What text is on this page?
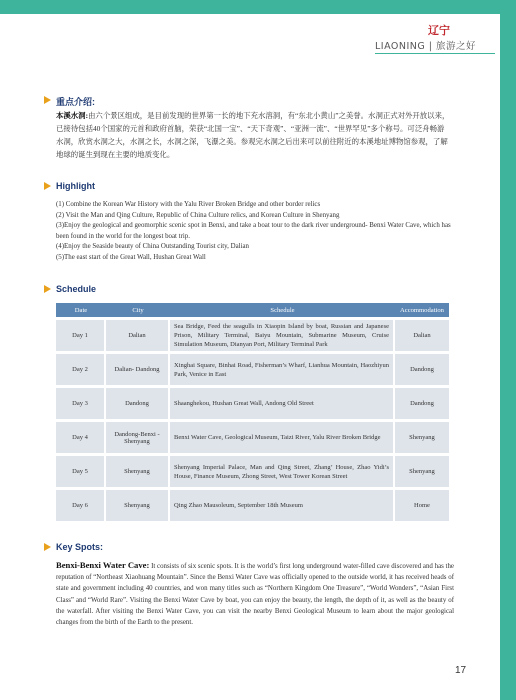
辽宁
LIAONING | 旅游之好
重点介绍:
本溪水洞:由六个景区组成，是目前发现的世界第一长的地下充水溶洞，有“东北小黄山”之美誉。水洞正式对外开放以来，已接待包括40个国家的元首和政府首脑，荣获“北国一宝”、“天下奇观”、“亚洲一流”、“世界罕见”多个称号。可泛舟畅游水洞，欣赏水洞之大，水洞之长，水洞之深，飞瀑之美。参观完水洞之后出来可以前往附近的本溪地址博物馆参观，了解地球的诞生到现在主要的地质变化。
Highlight
(1) Combine the Korean War History with the Yalu River Broken Bridge and other border relics
(2) Visit the Man and Qing Culture, Republic of China Culture relics, and Korean Culture in Shenyang
(3)Enjoy the geological and geomorphic scenic spot in Benxi, and take a boat tour to the dark river underground- Benxi Water Cave, which has been found in the world for the longest boat trip.
(4)Enjoy the Seaside beauty of China Outstanding Tourist city, Dalian
(5)The east start of the Great Wall, Hushan Great Wall
Schedule
Date	City	Schedule	Accommodation
Day 1	Dalian	Sea Bridge, Feed the seagulls in Xiaopin Island by boat, Russian and Japanese Prison, Military Terminal, Baiyu Mountain, Submarine Museum, Cruise Simulation Museum, Dianyan Port, Military Terminal Park	Dalian
Day 2	Dalian- Dandong	Xinghai Square, Binhai Road, Fisherman’s Wharf, Lianhua Mountain, Haozhiyun Park, Venice in East	Dandong
Day 3	Dandong	Shaanghekou, Hushan Great Wall, Andong Old Street	Dandong
Day 4	Dandong-Benxi - Shenyang	Benxi Water Cave, Geological Museum, Taizi River, Yalu River Broken Bridge	Shenyang
Day 5	Shenyang	Shenyang Imperial Palace, Man and Qing Street, Zhang’ House, Zhao Yidi’s House, Finance Museum, Zhong Street, West Tower Korean Street	Shenyang
Day 6	Shenyang	Qing Zhao Mausoleum, September 18th Museum	Home
Key Spots:
Benxi-Benxi Water Cave: It consists of six scenic spots. It is the world’s first long underground water-filled cave discovered and has the reputation of “Northeast Xiaohuang Mountain”. Since the Benxi Water Cave was officially opened to the outside world, it has received heads of state and government including 40 countries, and won many titles such as “Northern Kingdom One Treasure”, “World Wonders”, “Asian First Class” and “World Rare”. Visiting the Benxi Water Cave by boat, you can enjoy the beauty, the length, the depth of it, as well as the beauty of the waterfall. After visiting the Benxi Water Cave, you can visit the nearby Benxi Geological Museum to learn about the major geological changes from the birth of the Earth to the present.
17
